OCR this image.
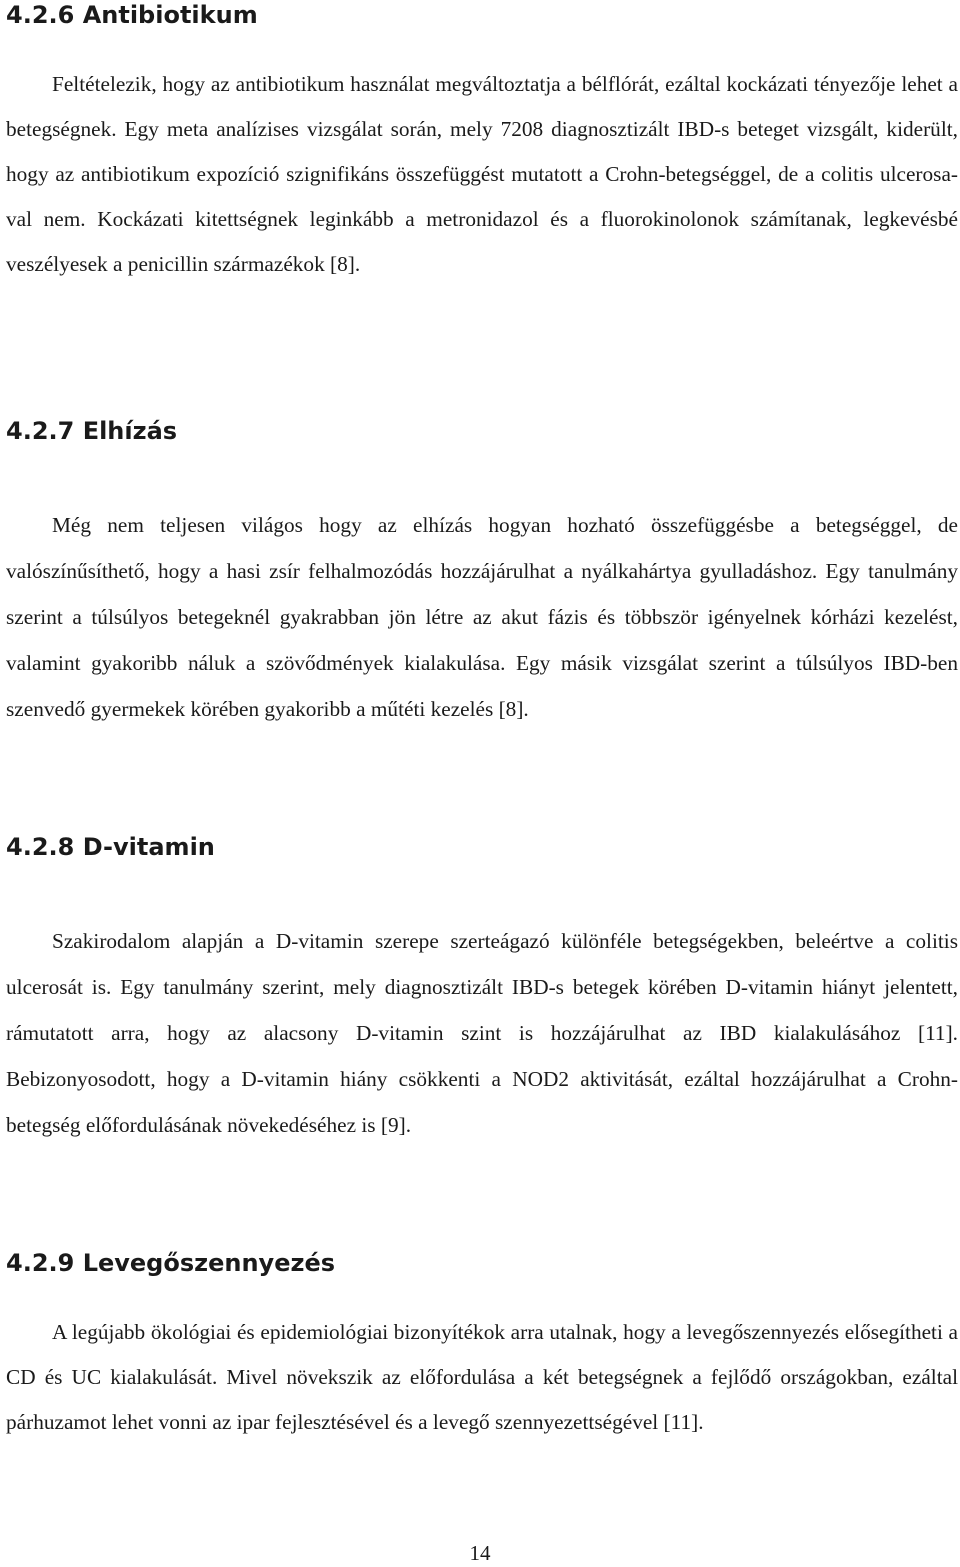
4.2.6 Antibiotikum

Feltételezik, hogy az antibiotikum használat megváltoztatja a bélflórát, ezáltal kockázati tényezője lehet a betegségnek. Egy meta analízises vizsgálat során, mely 7208 diagnosztizált IBD-s beteget vizsgált, kiderült, hogy az antibiotikum expozíció szignifikáns összefüggést mutatott a Crohn-betegséggel, de a colitis ulcerosa-val nem. Kockázati kitettségnek leginkább a metronidazol és a fluorokinolonok számítanak, legkevésbé veszélyesek a penicillin származékok [8].

4.2.7 Elhízás

Még nem teljesen világos hogy az elhízás hogyan hozható összefüggésbe a betegséggel, de valószínűsíthető, hogy a hasi zsír felhalmozódás hozzájárulhat a nyálkahártya gyulladáshoz. Egy tanulmány szerint a túlsúlyos betegeknél gyakrabban jön létre az akut fázis és többször igényelnek kórházi kezelést, valamint gyakoribb náluk a szövődmények kialakulása. Egy másik vizsgálat szerint a túlsúlyos IBD-ben szenvedő gyermekek körében gyakoribb a műtéti kezelés [8].

4.2.8 D-vitamin

Szakirodalom alapján a D-vitamin szerepe szerteágazó különféle betegségekben, beleértve a colitis ulcerosát is. Egy tanulmány szerint, mely diagnosztizált IBD-s betegek körében D-vitamin hiányt jelentett, rámutatott arra, hogy az alacsony D-vitamin szint is hozzájárulhat az IBD kialakulásához [11]. Bebizonyosodott, hogy a D-vitamin hiány csökkenti a NOD2 aktivitását, ezáltal hozzájárulhat a Crohn-betegség előfordulásának növekedéséhez is [9].

4.2.9 Levegőszennyezés

A legújabb ökológiai és epidemiológiai bizonyítékok arra utalnak, hogy a levegőszennyezés elősegítheti a CD és UC kialakulását. Mivel növekszik az előfordulása a két betegségnek a fejlődő országokban, ezáltal párhuzamot lehet vonni az ipar fejlesztésével és a levegő szennyezettségével [11].

14
